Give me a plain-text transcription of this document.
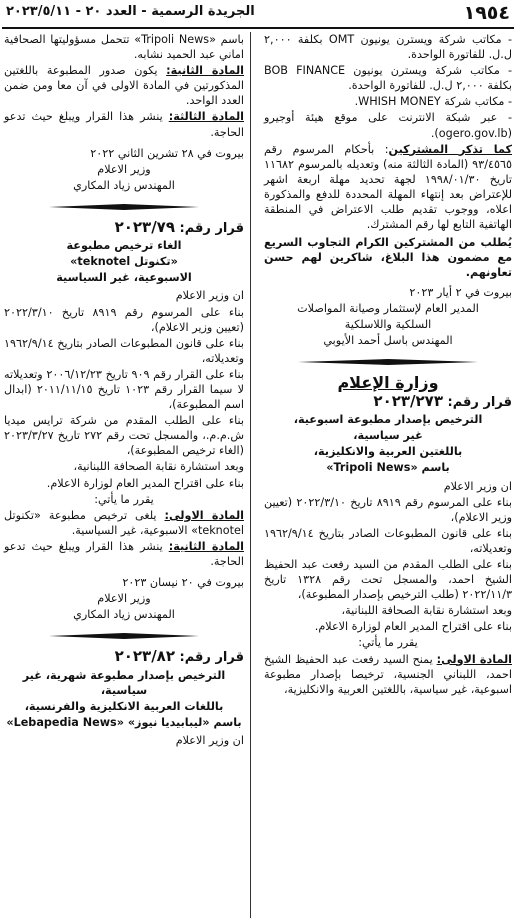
١٩٥٤
الجريدة الرسمية - العدد ٢٠ - ٢٠٢٣/٥/١١

- مكاتب شركة ويسترن يونيون OMT بكلفة ٢,٠٠٠ ل.ل. للفاتورة الواحدة.

- مكاتب شركة ويسترن يونيون BOB FINANCE بكلفة ٢,٠٠٠ ل.ل. للفاتورة الواحدة.

- مكاتب شركة WHISH MONEY.

- عبر شبكة الانترنت على موقع هيئة أوجيرو (ogero.gov.lb).

كما تذكر المشتركين: بأحكام المرسوم رقم ٩٣/٤٥٦٥ (المادة الثالثة منه) وتعديله بالمرسوم ١١٦٨٢ تاريخ ١٩٩٨/٠١/٣٠ لجهة تحديد مهلة اربعة اشهر للإعتراض بعد إنتهاء المهلة المحددة للدفع والمذكورة اعلاه، ووجوب تقديم طلب الاعتراض في المنطقة الهاتفية التابع لها رقم المشترك.

يُطلب من المشتركين الكرام التجاوب السريع مع مضمون هذا البلاغ، شاكرين لهم حسن تعاونهم.

بيروت في ٢ أيار ٢٠٢٣

المدير العام لإستثمار وصيانة المواصلات

السلكية واللاسلكية

المهندس باسل أحمد الأيوبي

وزارة الإعلام
قرار رقم: ٢٠٢٣/٢٧٣

الترخيص بإصدار مطبوعة اسبوعية،

غير سياسية،

باللغتين العربية والانكليزية،

باسم «Tripoli News»

ان وزير الاعلام

بناء على المرسوم رقم ٨٩١٩ تاريخ ٢٠٢٢/٣/١٠ (تعيين وزير الاعلام)،

بناء على قانون المطبوعات الصادر بتاريخ ١٩٦٢/٩/١٤ وتعديلاته،

بناء على الطلب المقدم من السيد رفعت عبد الحفيظ الشيخ احمد، والمسجل تحت رقم ١٣٢٨ تاريخ ٢٠٢٢/١١/٣ (طلب الترخيص بإصدار المطبوعة)،

وبعد استشارة نقابة الصحافة اللبنانية،

بناء على اقتراح المدير العام لوزارة الاعلام.

يقرر ما يأتي:

المادة الاولى: يمنح السيد رفعت عبد الحفيظ الشيخ احمد، اللبناني الجنسية، ترخيصا بإصدار مطبوعة اسبوعية، غير سياسية، باللغتين العربية والانكليزية،

باسم «Tripoli News» تتحمل مسؤوليتها الصحافية اماني عبد الحميد نشابه.

المادة الثانية: يكون صدور المطبوعة باللغتين المذكورتين في المادة الاولى في آن معا ومن ضمن العدد الواحد.

المادة الثالثة: ينشر هذا القرار ويبلغ حيث تدعو الحاجة.

بيروت في ٢٨ تشرين الثاني ٢٠٢٢

وزير الاعلام

المهندس زياد المكاري

قرار رقم: ٢٠٢٣/٧٩

الغاء ترخيص مطبوعة

«تكنوتل teknotel»

الاسبوعية، غير السياسية

ان وزير الاعلام

بناء على المرسوم رقم ٨٩١٩ تاريخ ٢٠٢٢/٣/١٠ (تعيين وزير الاعلام)،

بناء على قانون المطبوعات الصادر بتاريخ ١٩٦٢/٩/١٤ وتعديلاته،

بناء على القرار رقم ٩٠٩ تاريخ ٢٠٠٦/١٢/٢٣ وتعديلاته لا سيما القرار رقم ١٠٢٣ تاريخ ٢٠١١/١١/١٥ (ابدال اسم المطبوعة)،

بناء على الطلب المقدم من شركة ترايس ميديا ش.م.م.، والمسجل تحت رقم ٢٧٢ تاريخ ٢٠٢٣/٣/٢٧ (الغاء ترخيص المطبوعة)،

وبعد استشارة نقابة الصحافة اللبنانية،

بناء على اقتراح المدير العام لوزارة الاعلام.

يقرر ما يأتي:

المادة الاولى: يلغى ترخيص مطبوعة «تكنوتل teknotel» الاسبوعية، غير السياسية.

المادة الثانية: ينشر هذا القرار ويبلغ حيث تدعو الحاجة.

بيروت في ٢٠ نيسان ٢٠٢٣

وزير الاعلام

المهندس زياد المكاري

قرار رقم: ٢٠٢٣/٨٢

الترخيص بإصدار مطبوعة شهرية، غير سياسية،

باللغات العربية الانكليزية والفرنسية،

باسم «ليبابيديا نيوز» «Lebapedia News»

ان وزير الاعلام
